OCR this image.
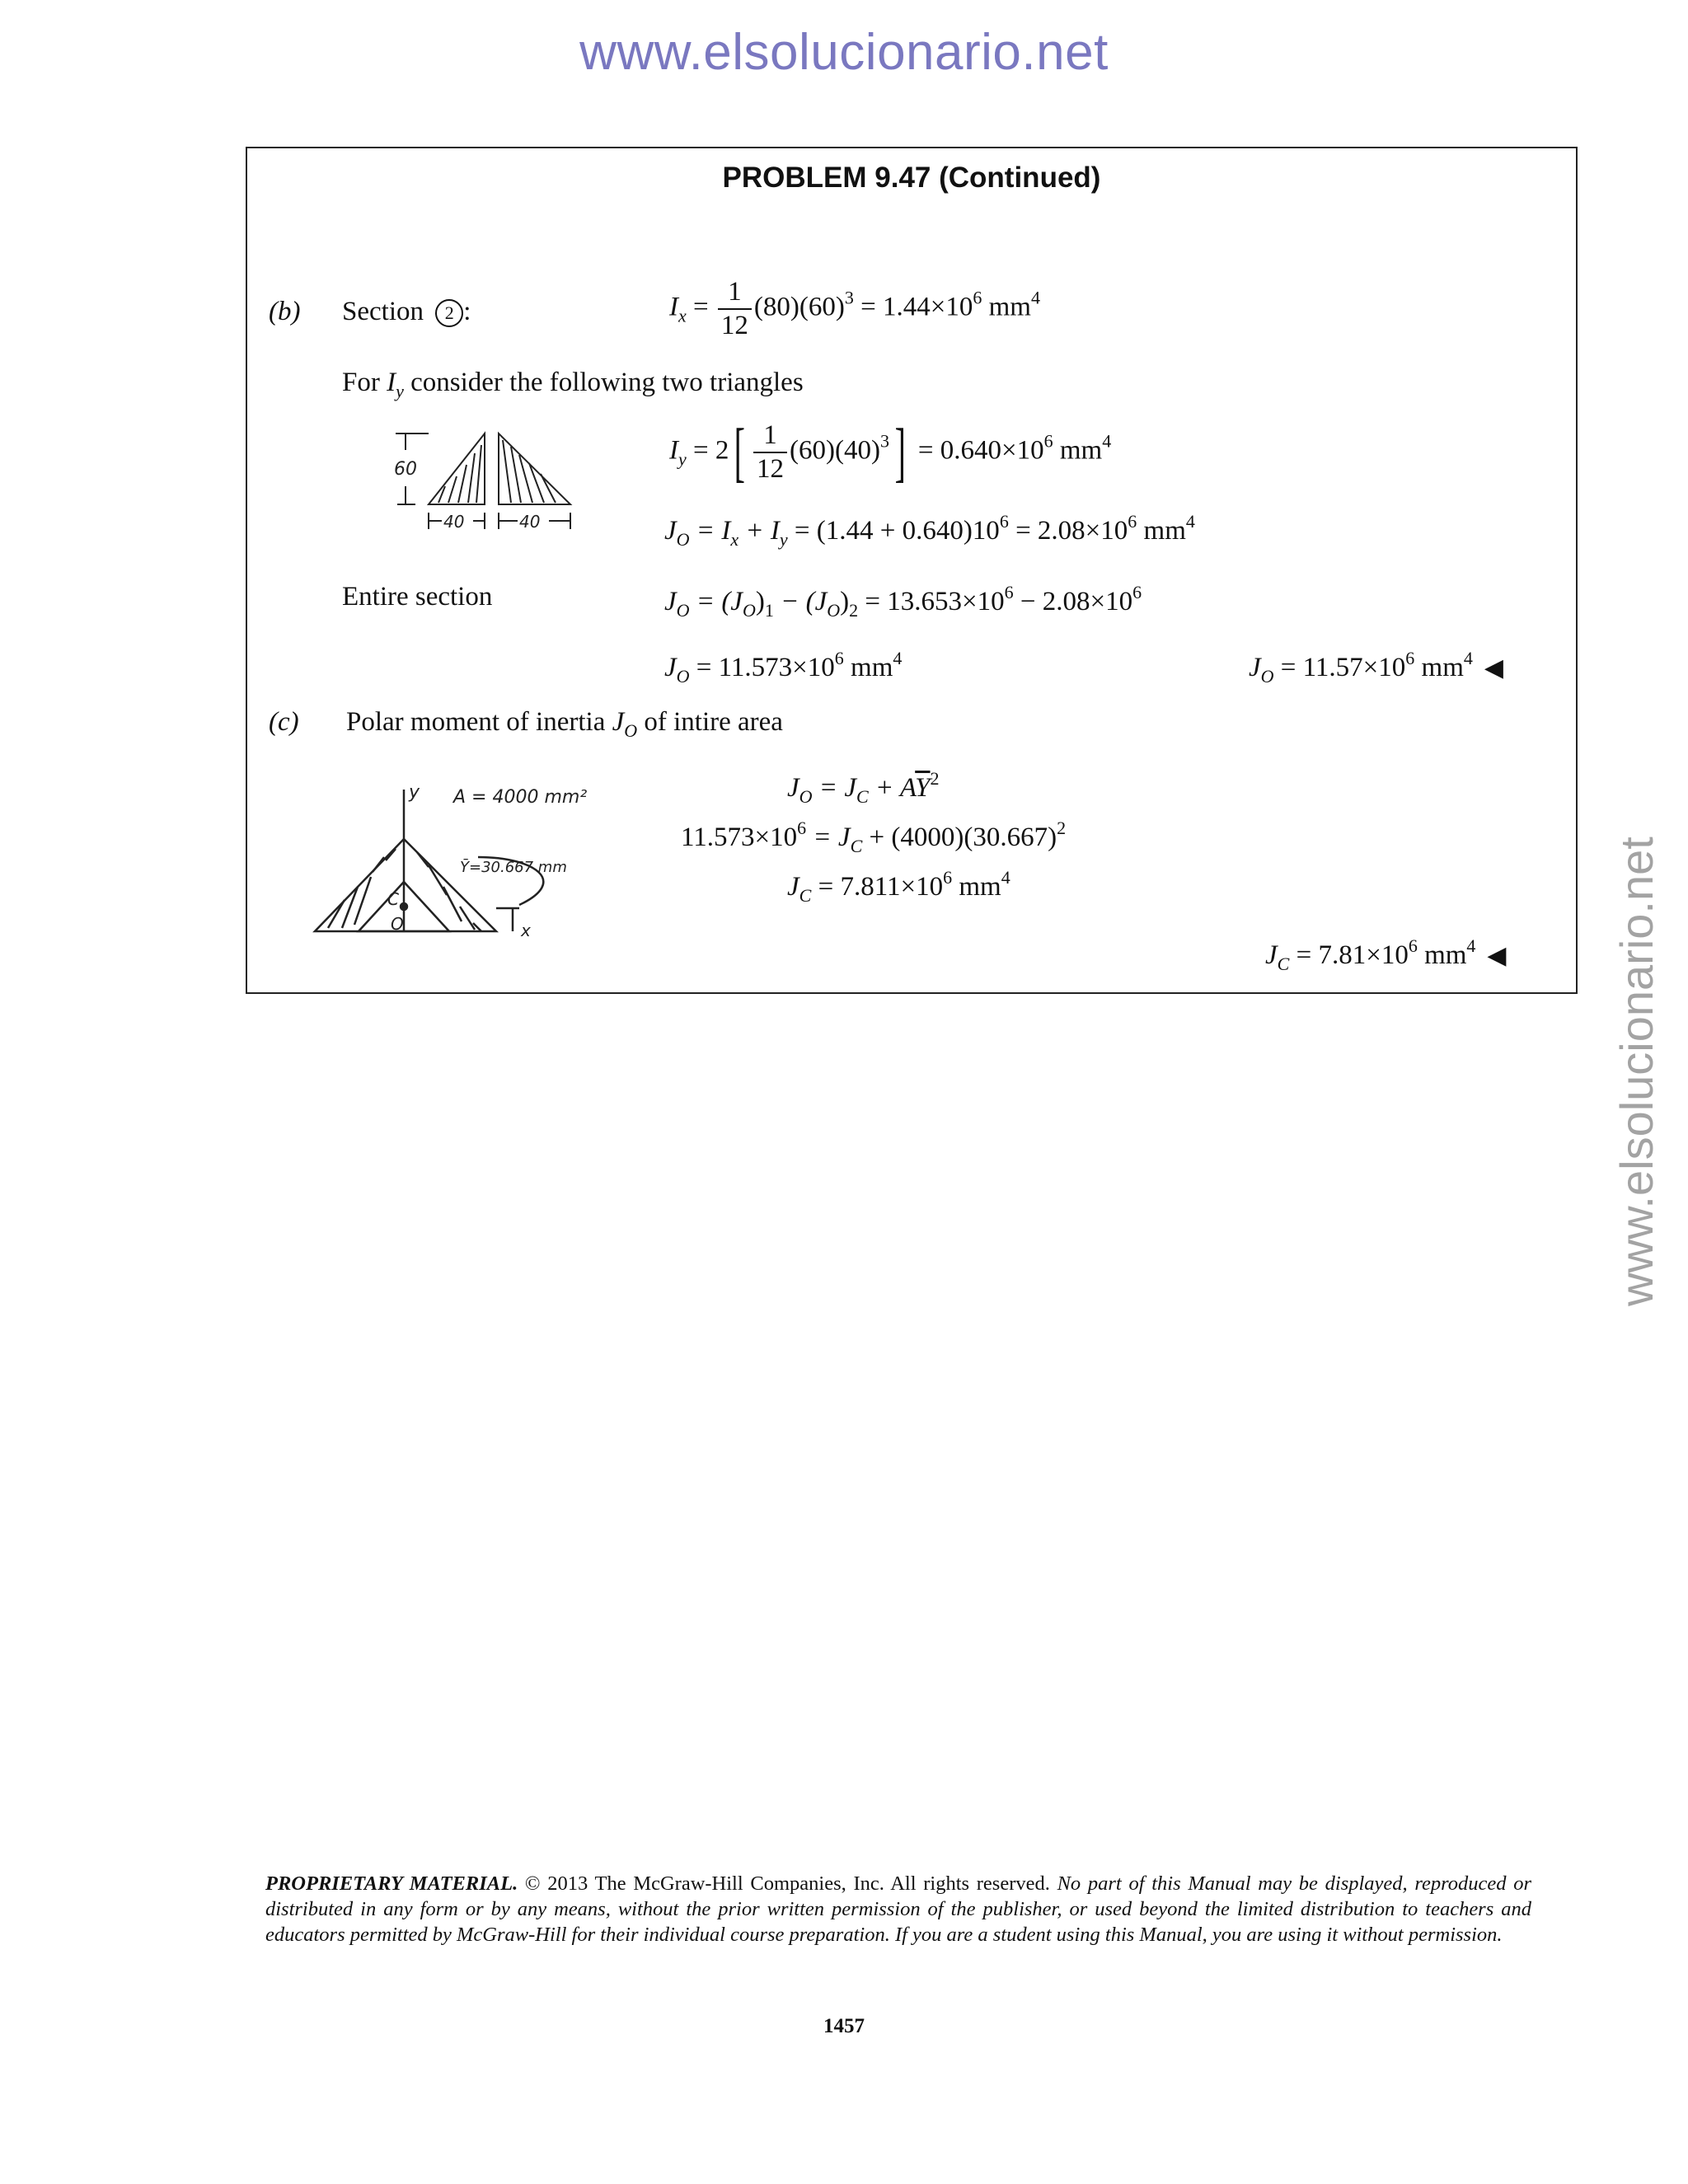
www.elsolucionario.net
www.elsolucionario.net
PROBLEM 9.47 (Continued)
(b) Section 2 :	$I_x = \frac{1}{12} (80)(60)^3 = 1.44\times 10^6$ $mm^4$
For $I_y$ consider the following two triangles
60
40	40
$I_y = 2[ \frac{1}{12} (60)(40)^3] = 0.640\times 10^6$ $mm^4$
$J_O = I_x + I_y = (1.44 + 0.640)10^6 = 2.08\times 10^6$ $mm^4$
Entire section	$J_O = (J_O)_1 - (J_O)_2 = 13.653\times 10^6 - 2.08\times 10^6$
$J_O = 11.573\times 10^6$ $mm^4$	$J_O = 11.57\times 10^6$ $mm^4$ ◀
(c) Polar moment of inertia $J_O$ of intire area
y A = 4000 mm²
Ȳ=30.667 mm
C
O	x
$J_O = J_C + A\overline{Y}^2$
$11.573\times 10^6 = J_C + (4000)(30.667)^2$
$J_C = 7.811\times 10^6$ $mm^4$
$J_C = 7.81\times 10^6$ $mm^4$ ◀
PROPRIETARY MATERIAL. © 2013 The McGraw-Hill Companies, Inc. All rights reserved. No part of this Manual may be displayed, reproduced or distributed in any form or by any means, without the prior written permission of the publisher, or used beyond the limited distribution to teachers and educators permitted by McGraw-Hill for their individual course preparation. If you are a student using this Manual, you are using it without permission.
1457
